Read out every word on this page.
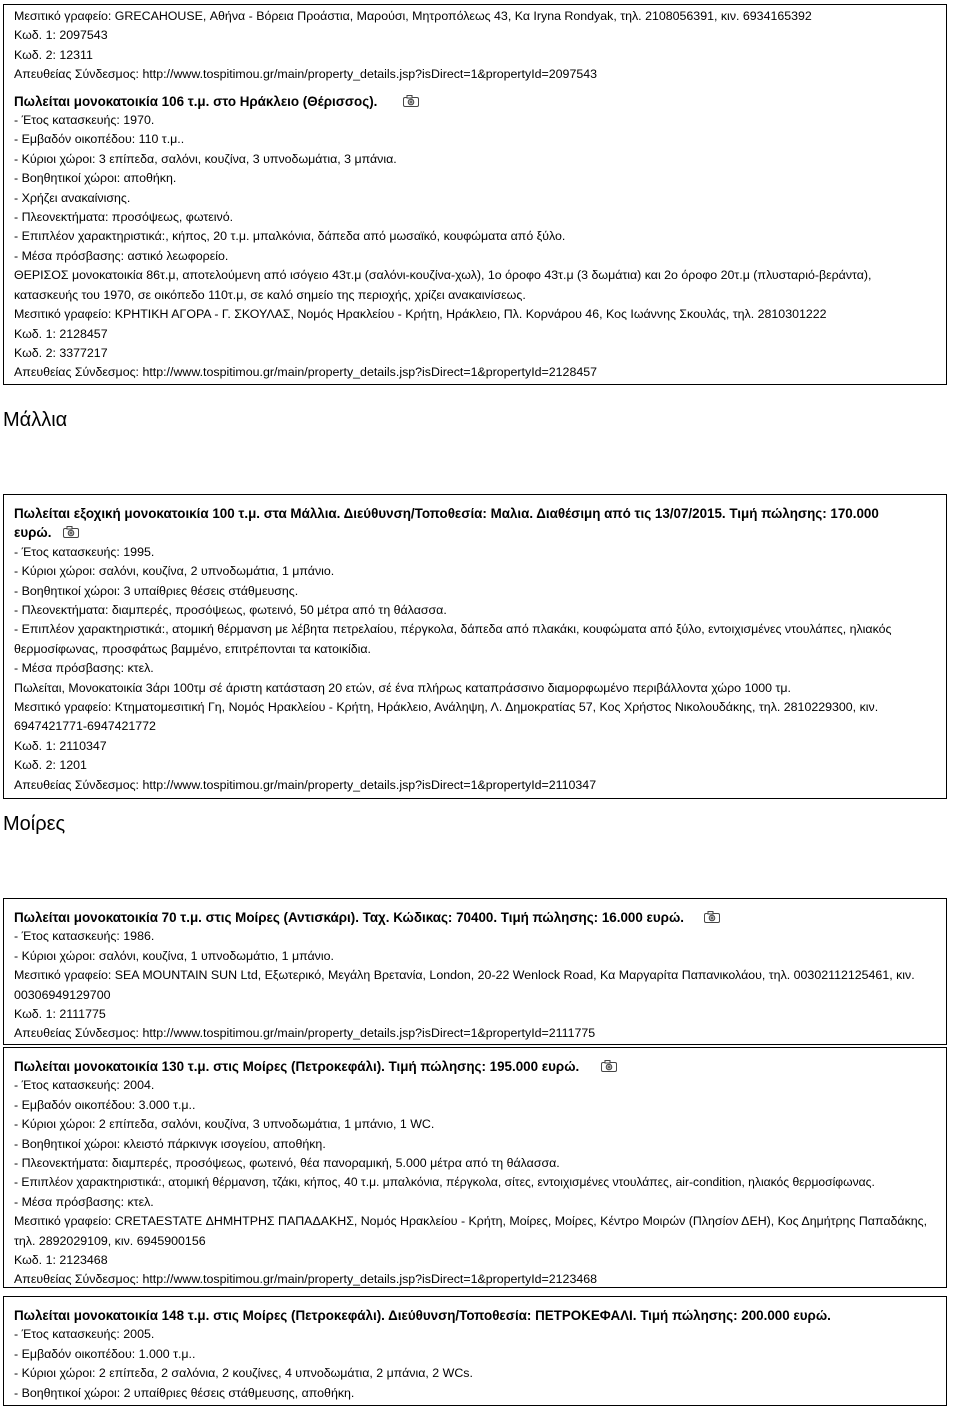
Μεσιτικό γραφείο: GRECAHOUSE, Αθήνα - Βόρεια Προάστια, Μαρούσι, Μητροπόλεως 43, Κα Iryna Rondyak, τηλ. 2108056391, κιν. 6934165392
Κωδ. 1: 2097543
Κωδ. 2: 12311
Απευθείας Σύνδεσμος: http://www.tospitimou.gr/main/property_details.jsp?isDirect=1&propertyId=2097543
Πωλείται μονοκατοικία 106 τ.μ. στο Ηράκλειο (Θέρισσος).
- Έτος κατασκευής: 1970.
- Εμβαδόν οικοπέδου: 110 τ.μ..
- Κύριοι χώροι: 3 επίπεδα, σαλόνι, κουζίνα, 3 υπνοδωμάτια, 3 μπάνια.
- Βοηθητικοί χώροι: αποθήκη.
- Χρήζει ανακαίνισης.
- Πλεονεκτήματα: προσόψεως, φωτεινό.
- Επιπλέον χαρακτηριστικά:, κήπος, 20 τ.μ. μπαλκόνια, δάπεδα από μωσαϊκό, κουφώματα από ξύλο.
- Μέσα πρόσβασης: αστικό λεωφορείο.
ΘΕΡΙΣΟΣ μονοκατοικία 86τ.μ, αποτελούμενη από ισόγειο 43τ.μ (σαλόνι-κουζίνα-χωλ), 1ο όροφο 43τ.μ (3 δωμάτια) και 2ο όροφο 20τ.μ (πλυσταριό-βεράντα), κατασκευής του 1970, σε οικόπεδο 110τ.μ, σε καλό σημείο της περιοχής, χρίζει ανακαινίσεως.
Μεσιτικό γραφείο: ΚΡΗΤΙΚΗ ΑΓΟΡΑ - Γ. ΣΚΟΥΛΑΣ, Νομός Ηρακλείου - Κρήτη, Ηράκλειο, Πλ. Κορνάρου 46, Κος Ιωάννης Σκουλάς, τηλ. 2810301222
Κωδ. 1: 2128457
Κωδ. 2: 3377217
Απευθείας Σύνδεσμος: http://www.tospitimou.gr/main/property_details.jsp?isDirect=1&propertyId=2128457
Μάλλια
Πωλείται εξοχική μονοκατοικία 100 τ.μ. στα Μάλλια. Διεύθυνση/Τοποθεσία: Μαλια. Διαθέσιμη από τις 13/07/2015. Τιμή πώλησης: 170.000
ευρώ.
- Έτος κατασκευής: 1995.
- Κύριοι χώροι: σαλόνι, κουζίνα, 2 υπνοδωμάτια, 1 μπάνιο.
- Βοηθητικοί χώροι: 3 υπαίθριες θέσεις στάθμευσης.
- Πλεονεκτήματα: διαμπερές, προσόψεως, φωτεινό, 50 μέτρα από τη θάλασσα.
- Επιπλέον χαρακτηριστικά:, ατομική θέρμανση με λέβητα πετρελαίου, πέργκολα, δάπεδα από πλακάκι, κουφώματα από ξύλο, εντοιχισμένες ντουλάπες, ηλιακός θερμοσίφωνας, προσφάτως βαμμένο, επιτρέπονται τα κατοικίδια.
- Μέσα πρόσβασης: κτελ.
Πωλείται, Μονοκατοικία 3άρι 100τμ σέ άριστη κατάσταση 20 ετών, σέ ένα πλήρως καταπράσσινο διαμορφωμένο περιβάλλοντα χώρο 1000 τμ.
Μεσιτικό γραφείο: Κτηματομεσιτική Γη, Νομός Ηρακλείου - Κρήτη, Ηράκλειο, Ανάληψη, Λ. Δημοκρατίας 57, Κος Χρήστος Νικολουδάκης, τηλ. 2810229300, κιν. 6947421771-6947421772
Κωδ. 1: 2110347
Κωδ. 2: 1201
Απευθείας Σύνδεσμος: http://www.tospitimou.gr/main/property_details.jsp?isDirect=1&propertyId=2110347
Μοίρες
Πωλείται μονοκατοικία 70 τ.μ. στις Μοίρες (Αντισκάρι). Ταχ. Κώδικας: 70400. Τιμή πώλησης: 16.000 ευρώ.
- Έτος κατασκευής: 1986.
- Κύριοι χώροι: σαλόνι, κουζίνα, 1 υπνοδωμάτιο, 1 μπάνιο.
Μεσιτικό γραφείο: SEA MOUNTAIN SUN Ltd, Εξωτερικό, Μεγάλη Βρετανία, London, 20-22 Wenlock Road, Κα Μαργαρίτα Παπανικολάου, τηλ. 00302112125461, κιν. 00306949129700
Κωδ. 1: 2111775
Απευθείας Σύνδεσμος: http://www.tospitimou.gr/main/property_details.jsp?isDirect=1&propertyId=2111775
Πωλείται μονοκατοικία 130 τ.μ. στις Μοίρες (Πετροκεφάλι). Τιμή πώλησης: 195.000 ευρώ.
- Έτος κατασκευής: 2004.
- Εμβαδόν οικοπέδου: 3.000 τ.μ..
- Κύριοι χώροι: 2 επίπεδα, σαλόνι, κουζίνα, 3 υπνοδωμάτια, 1 μπάνιο, 1 WC.
- Βοηθητικοί χώροι: κλειστό πάρκινγκ ισογείου, αποθήκη.
- Πλεονεκτήματα: διαμπερές, προσόψεως, φωτεινό, θέα πανοραμική, 5.000 μέτρα από τη θάλασσα.
- Επιπλέον χαρακτηριστικά:, ατομική θέρμανση, τζάκι, κήπος, 40 τ.μ. μπαλκόνια, πέργκολα, σίτες, εντοιχισμένες ντουλάπες, air-condition, ηλιακός θερμοσίφωνας.
- Μέσα πρόσβασης: κτελ.
Μεσιτικό γραφείο: CRETAESTATE ΔΗΜΗΤΡΗΣ ΠΑΠΑΔΑΚΗΣ, Νομός Ηρακλείου - Κρήτη, Μοίρες, Μοίρες, Κέντρο Μοιρών (Πλησίον ΔΕΗ), Κος Δημήτρης Παπαδάκης, τηλ. 2892029109, κιν. 6945900156
Κωδ. 1: 2123468
Απευθείας Σύνδεσμος: http://www.tospitimou.gr/main/property_details.jsp?isDirect=1&propertyId=2123468
Πωλείται μονοκατοικία 148 τ.μ. στις Μοίρες (Πετροκεφάλι). Διεύθυνση/Τοποθεσία: ΠΕΤΡΟΚΕΦΑΛΙ. Τιμή πώλησης: 200.000 ευρώ.
- Έτος κατασκευής: 2005.
- Εμβαδόν οικοπέδου: 1.000 τ.μ..
- Κύριοι χώροι: 2 επίπεδα, 2 σαλόνια, 2 κουζίνες, 4 υπνοδωμάτια, 2 μπάνια, 2 WCs.
- Βοηθητικοί χώροι: 2 υπαίθριες θέσεις στάθμευσης, αποθήκη.
